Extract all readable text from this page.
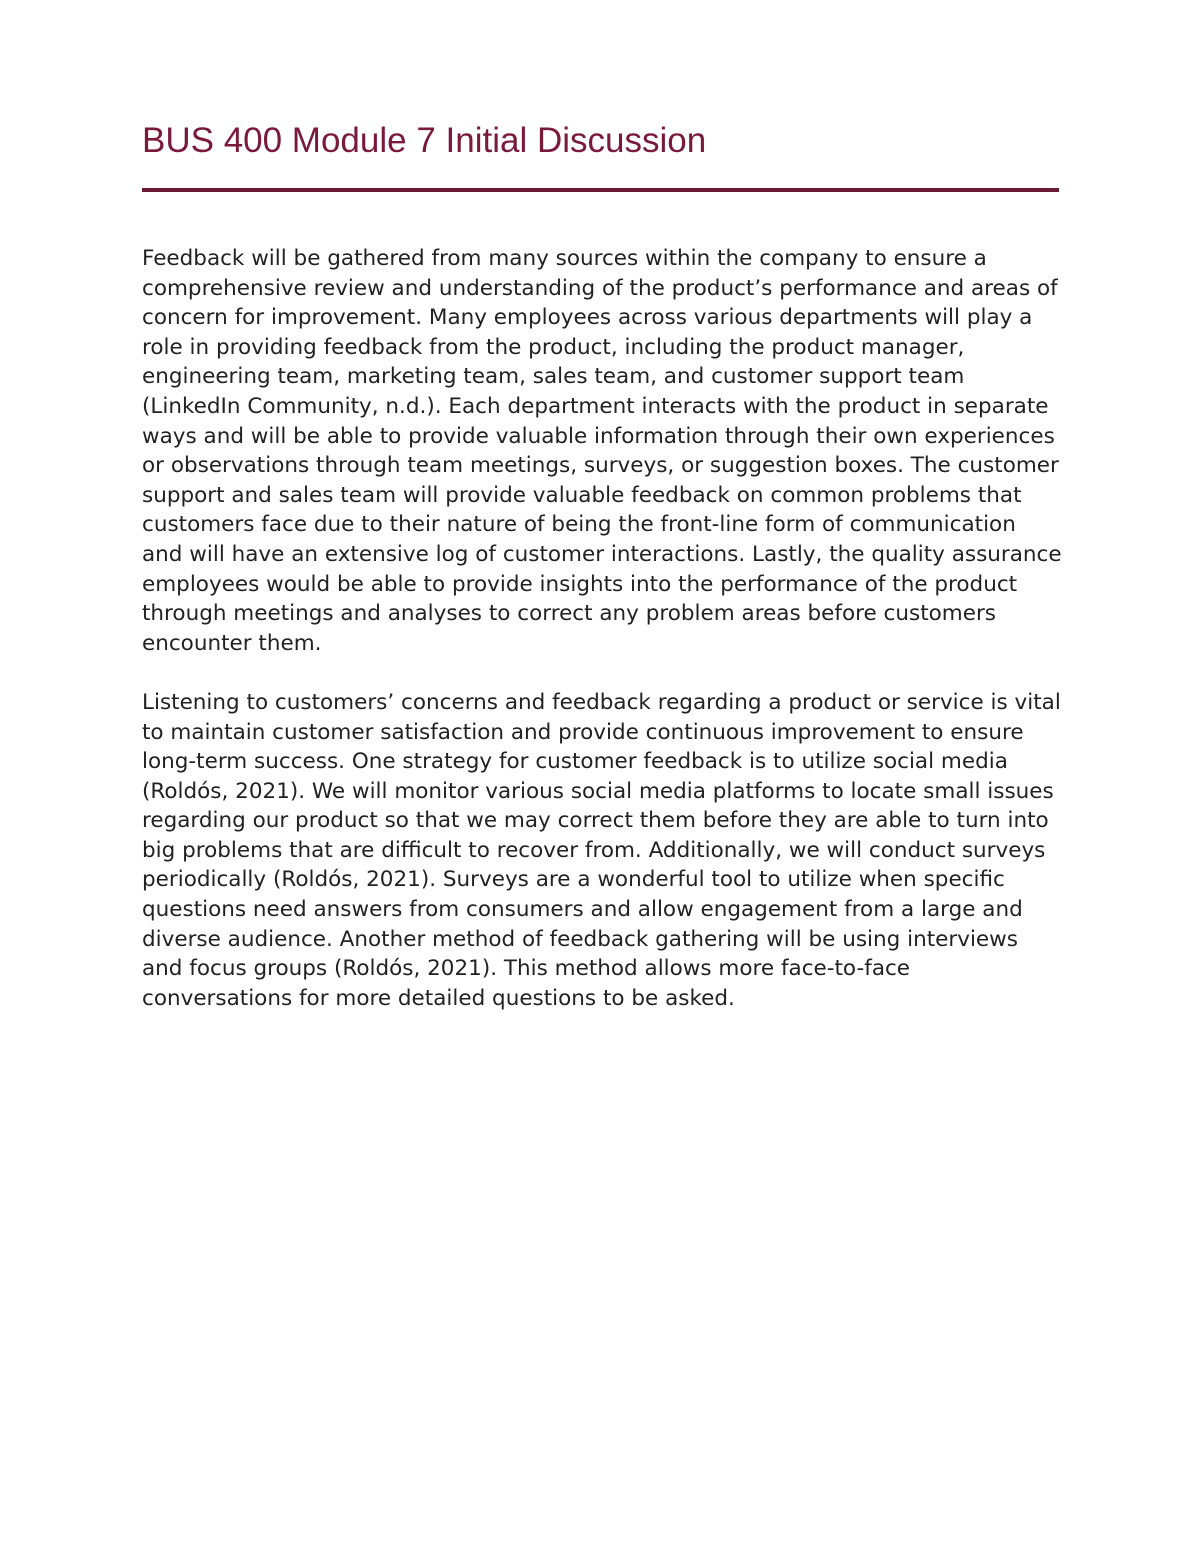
BUS 400 Module 7 Initial Discussion

Feedback will be gathered from many sources within the company to ensure a comprehensive review and understanding of the product’s performance and areas of concern for improvement. Many employees across various departments will play a role in providing feedback from the product, including the product manager, engineering team, marketing team, sales team, and customer support team (LinkedIn Community, n.d.). Each department interacts with the product in separate ways and will be able to provide valuable information through their own experiences or observations through team meetings, surveys, or suggestion boxes. The customer support and sales team will provide valuable feedback on common problems that customers face due to their nature of being the front-line form of communication and will have an extensive log of customer interactions. Lastly, the quality assurance employees would be able to provide insights into the performance of the product through meetings and analyses to correct any problem areas before customers encounter them.

Listening to customers’ concerns and feedback regarding a product or service is vital to maintain customer satisfaction and provide continuous improvement to ensure long-term success. One strategy for customer feedback is to utilize social media (Roldós, 2021). We will monitor various social media platforms to locate small issues regarding our product so that we may correct them before they are able to turn into big problems that are difficult to recover from. Additionally, we will conduct surveys periodically (Roldós, 2021). Surveys are a wonderful tool to utilize when specific questions need answers from consumers and allow engagement from a large and diverse audience. Another method of feedback gathering will be using interviews and focus groups (Roldós, 2021). This method allows more face-to-face conversations for more detailed questions to be asked.
